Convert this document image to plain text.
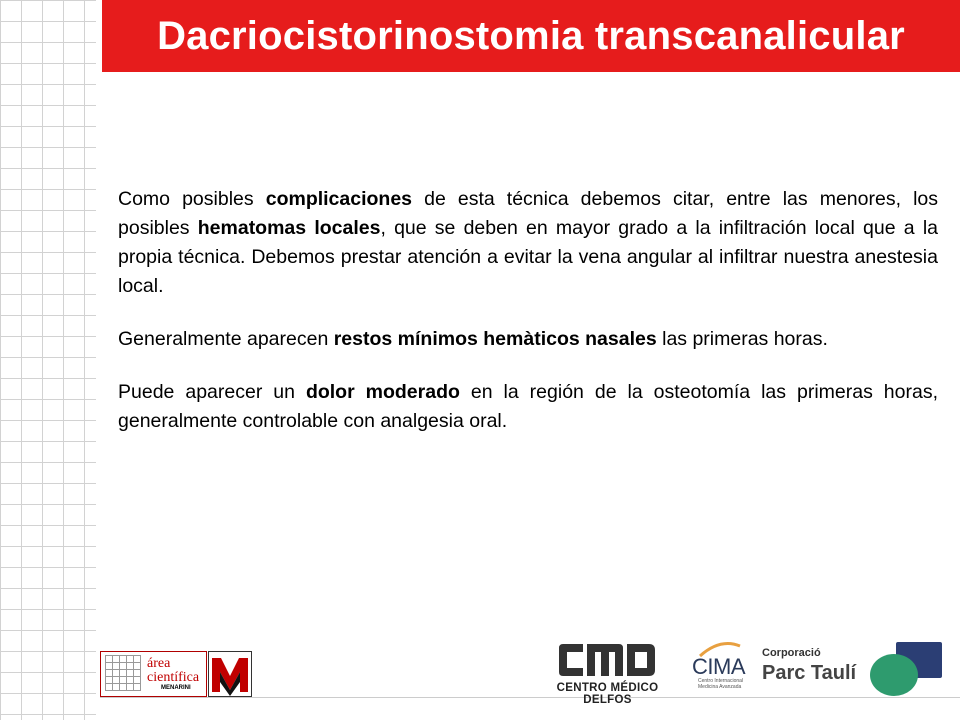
Dacriocistorinostomia transcanalicular

Como posibles complicaciones de esta técnica debemos citar, entre las menores, los posibles hematomas locales, que se deben en mayor grado a la infiltración local que a la propia técnica. Debemos prestar atención a evitar la vena angular al infiltrar nuestra anestesia local.

Generalmente aparecen restos mínimos hemàticos nasales las primeras horas.

Puede aparecer un dolor moderado en la región de la osteotomía las primeras horas, generalmente controlable con analgesia oral.

área
científica
MENARINI	CENTRO MÉDICO DELFOS
CIMA
Centro Internacional Medicina Avanzada
Corporació
Parc Taulí
